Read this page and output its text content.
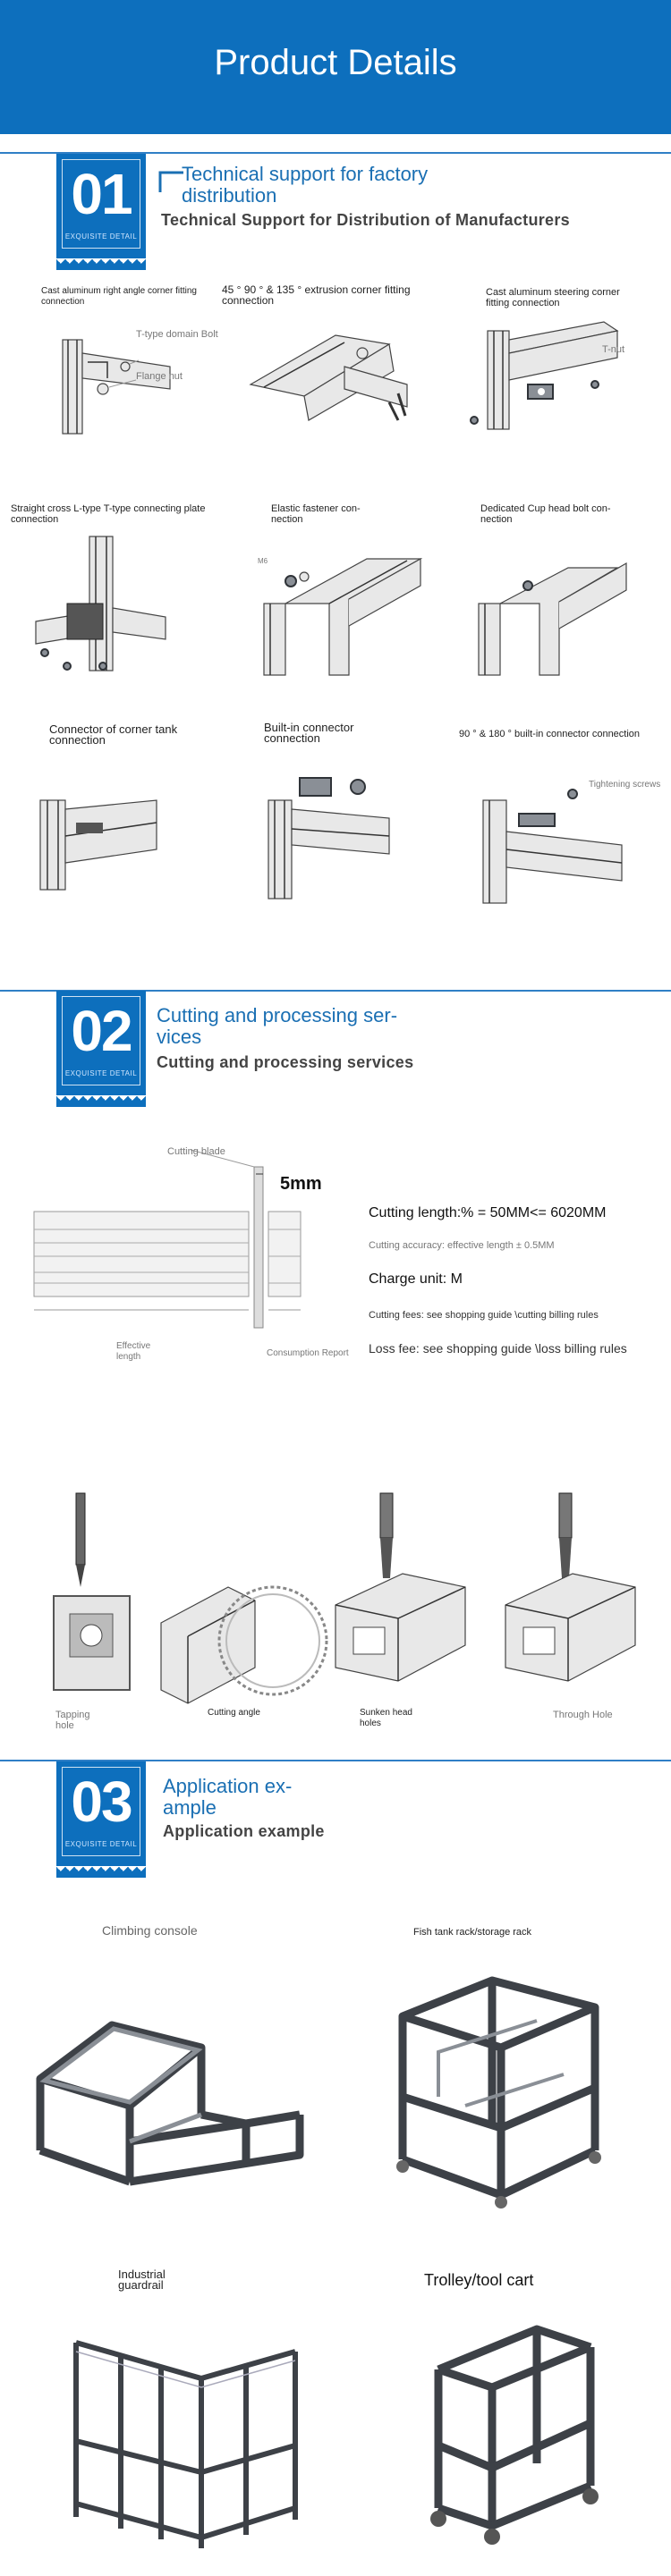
Product Details
01
EXQUISITE DETAIL
Technical support for factory distribution
Technical Support for Distribution of Manufacturers
Cast aluminum right angle corner fitting connection
45 ° 90 ° & 135 ° extrusion corner fitting connection
Cast aluminum steering corner fitting connection
T-type domain Bolt
Flange nut
T-nut
Straight cross L-type T-type connecting plate connection
Elastic fastener con-nection
Dedicated Cup head bolt con-nection
M6
Connector of corner tank connection
Built-in connector connection	90 ° & 180 ° built-in connector connection
Tightening screws
02
EXQUISITE DETAIL
Cutting and processing ser-vices
Cutting and processing services
Cutting blade
5mm
Effective length	Consumption Report
Cutting length:% = 50MM<= 6020MM
Cutting accuracy: effective length ± 0.5MM
Charge unit: M
Cutting fees: see shopping guide \cutting billing rules
Loss fee: see shopping guide \loss billing rules
Tapping hole
Cutting angle	Sunken head holes
Through Hole
03
EXQUISITE DETAIL
Application ex-ample
Application example
Climbing console	Fish tank rack/storage rack
Industrial guardrail	Trolley/tool cart
